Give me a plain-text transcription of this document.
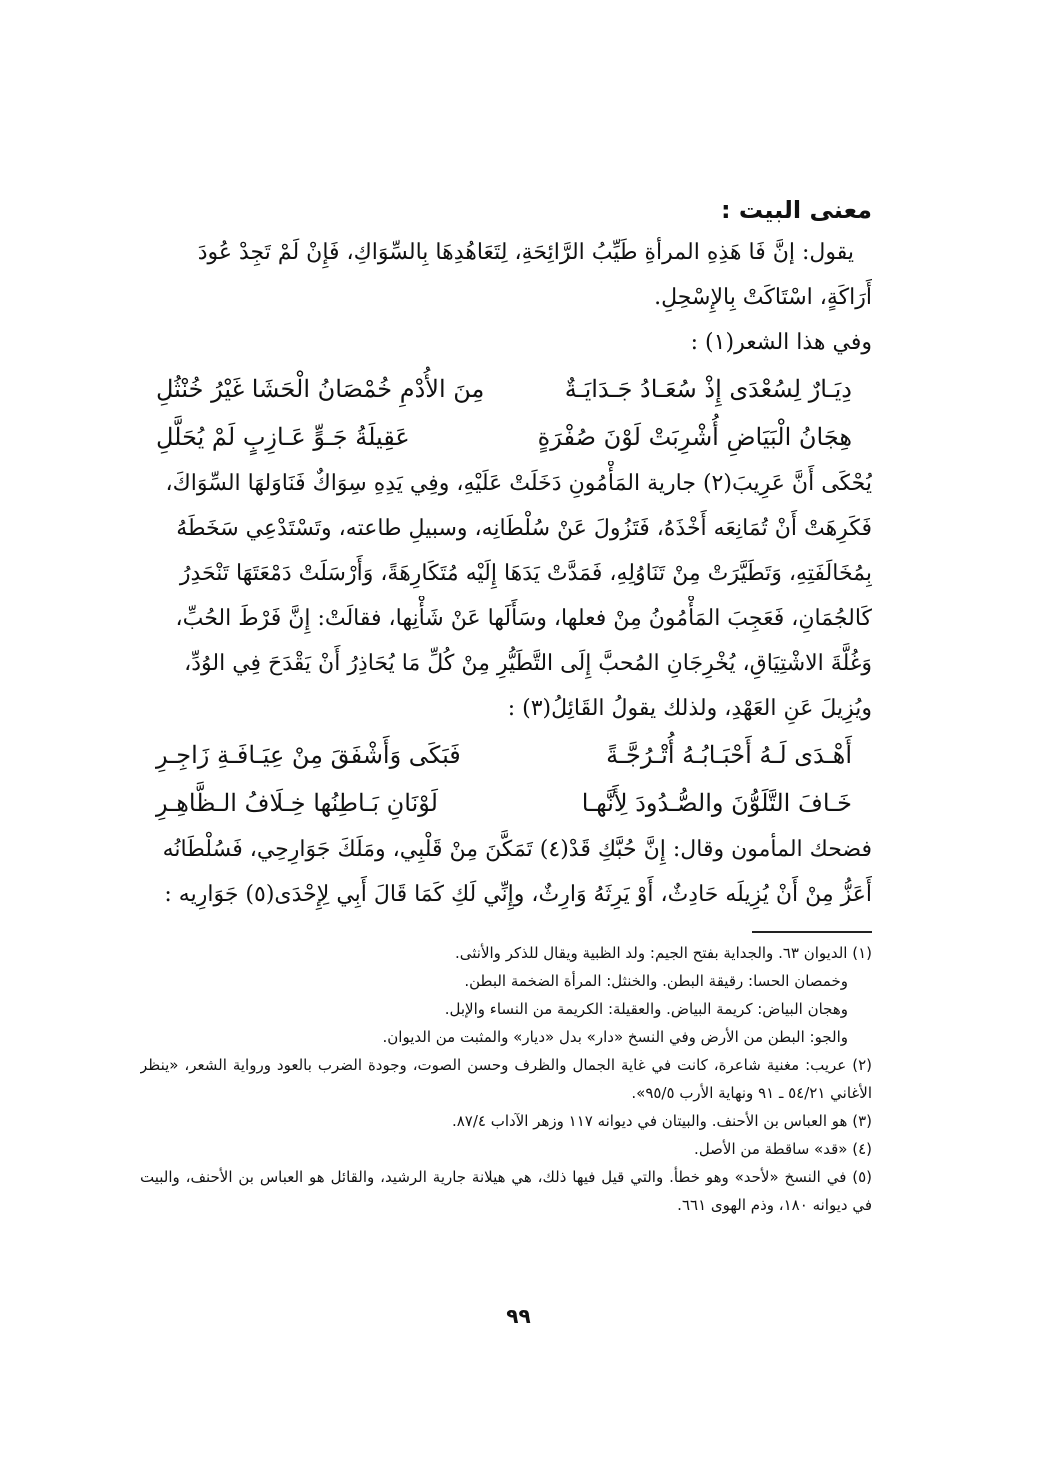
معنى البيت :

يقول: إنَّ فَا هَذِهِ المرأةِ طَيِّبُ الرَّائِحَةِ، لِتَعَاهُدِهَا بِالسِّوَاكِ، فَإِنْ لَمْ تَجِدْ عُودَ
أَرَاكَةٍ، اسْتَاكَتْ بِالإِسْحِلِ.

وفي هذا الشعر(١) :

دِيَـارٌ لِسُعْدَى إِذْ سُعَـادُ جَـدَايَـةٌ
مِنَ الأُدْمِ خُمْصَانُ الْحَشَا غَيْرُ خُنْثُلِ
هِجَانُ الْبَيَاضِ أُشْرِبَتْ لَوْنَ صُفْرَةٍ
عَقِيلَةُ جَـوٍّ عَـازِبٍ لَمْ يُحَلَّلِ

يُحْكَى أَنَّ عَرِيبَ(٢) جارية المَأْمُونِ دَخَلَتْ عَلَيْهِ، وفِي يَدِهِ سِوَاكٌ فَنَاوَلهَا السِّوَاكَ،
فَكَرِهَتْ أَنْ تُمَانِعَه أَخْذَهُ، فَتَزُولَ عَنْ سُلْطَانِه، وسبيلِ طاعته، وتَسْتَدْعِي سَخَطَهُ
بِمُخَالَفَتِهِ، وَتَطَيَّرَتْ مِنْ تَنَاوُلِهِ، فَمَدَّتْ يَدَهَا إِلَيْه مُتَكَارِهَةً، وَأَرْسَلَتْ دَمْعَتَهَا تَنْحَدِرُ
كَالجُمَانِ، فَعَجِبَ المَأْمُونُ مِنْ فعلها، وسَأَلَها عَنْ شَأْنِها، فقالَتْ: إِنَّ فَرْطَ الحُبِّ،
وَغُلَّةَ الاشْتِيَاقِ، يُخْرِجَانِ المُحبَّ إِلَى التَّطَيُّرِ مِنْ كُلِّ مَا يُحَاذِرُ أَنْ يَقْدَحَ فِي الوُدِّ،
ويُزِيلَ عَنِ العَهْدِ، ولذلك يقولُ القَائِلُ(٣) :

أَهْـدَى لَـهُ أَحْبَـابُـهُ أُتْـرُجَّـةً
فَبَكَى وَأَشْفَقَ مِنْ عِيَـافَـةِ زَاجِـرِ
خَـافَ التَّلَوُّنَ والصُّـدُودَ لِأَنَّهـا
لَوْنَانِ بَـاطِنُها خِـلَافُ الـظَّاهِـرِ

فضحك المأمون وقال: إِنَّ حُبَّكِ قَدْ(٤) تَمَكَّنَ مِنْ قَلْبِي، ومَلَكَ جَوَارِحِي، فَسُلْطَانُه
أَعَزُّ مِنْ أَنْ يُزِيلَه حَادِثٌ، أَوْ يَرِثَهُ وَارِثٌ، وإِنِّي لَكِ كَمَا قَالَ أَبِي لِإِحْدَى(٥) جَوَارِيه :

(١) الديوان ٦٣. والجداية بفتح الجيم: ولد الظبية ويقال للذكر والأنثى.
وخمصان الحسا: رقيقة البطن. والخنثل: المرأة الضخمة البطن.
وهجان البياض: كريمة البياض. والعقيلة: الكريمة من النساء والإبل.
والجو: البطن من الأرض وفي النسخ «دار» بدل «ديار» والمثبت من الديوان.
(٢) عريب: مغنية شاعرة، كانت في غاية الجمال والظرف وحسن الصوت، وجودة الضرب بالعود ورواية الشعر، «ينظر الأغاني ٥٤/٢١ ـ ٩١ ونهاية الأرب ٩٥/٥».
(٣) هو العباس بن الأحنف. والبيتان في ديوانه ١١٧ وزهر الآداب ٨٧/٤.
(٤) «قد» ساقطة من الأصل.
(٥) في النسخ «لأحد» وهو خطأ. والتي قيل فيها ذلك، هي هيلانة جارية الرشيد، والقائل هو العباس بن الأحنف، والبيت في ديوانه ١٨٠، وذم الهوى ٦٦١.
٩٩
